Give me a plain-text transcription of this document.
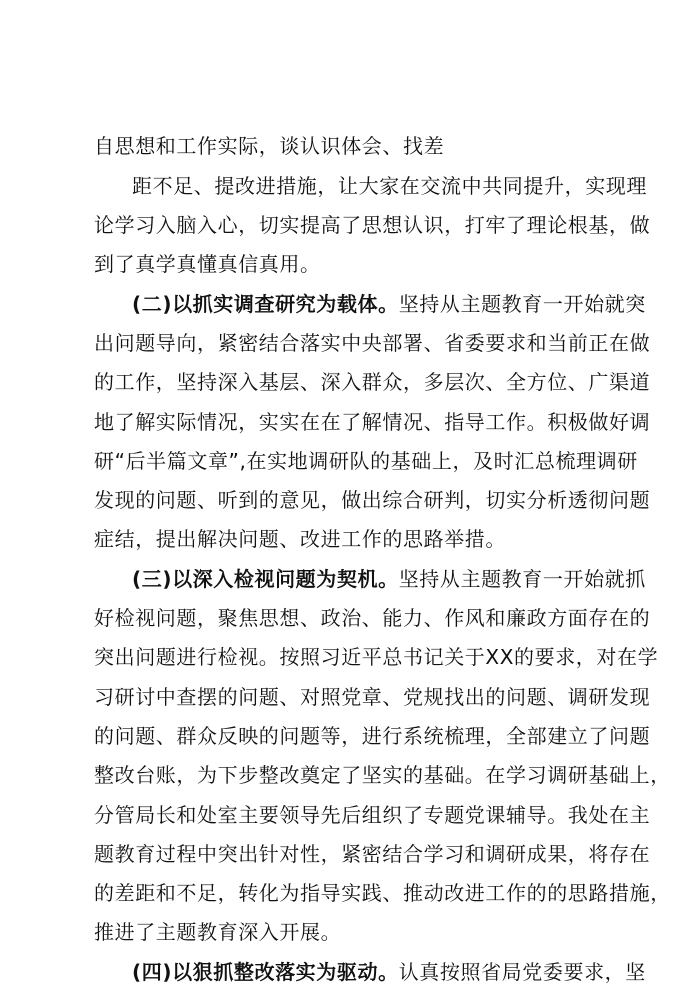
自思想和工作实际，谈认识体会、找差
距不足、提改进措施，让大家在交流中共同提升，实现理
论学习入脑入心，切实提高了思想认识，打牢了理论根基，做
到了真学真懂真信真用。
(二)以抓实调查研究为载体。坚持从主题教育一开始就突
出问题导向，紧密结合落实中央部署、省委要求和当前正在做
的工作，坚持深入基层、深入群众，多层次、全方位、广渠道
地了解实际情况，实实在在了解情况、指导工作。积极做好调
研“后半篇文章”,在实地调研队的基础上，及时汇总梳理调研
发现的问题、听到的意见，做出综合研判，切实分析透彻问题
症结，提出解决问题、改进工作的思路举措。
(三)以深入检视问题为契机。坚持从主题教育一开始就抓
好检视问题，聚焦思想、政治、能力、作风和廉政方面存在的
突出问题进行检视。按照习近平总书记关于XX的要求，对在学
习研讨中查摆的问题、对照党章、党规找出的问题、调研发现
的问题、群众反映的问题等，进行系统梳理，全部建立了问题
整改台账，为下步整改奠定了坚实的基础。在学习调研基础上，
分管局长和处室主要领导先后组织了专题党课辅导。我处在主
题教育过程中突出针对性，紧密结合学习和调研成果，将存在
的差距和不足，转化为指导实践、推动改进工作的的思路措施，
推进了主题教育深入开展。
(四)以狠抓整改落实为驱动。认真按照省局党委要求，坚
